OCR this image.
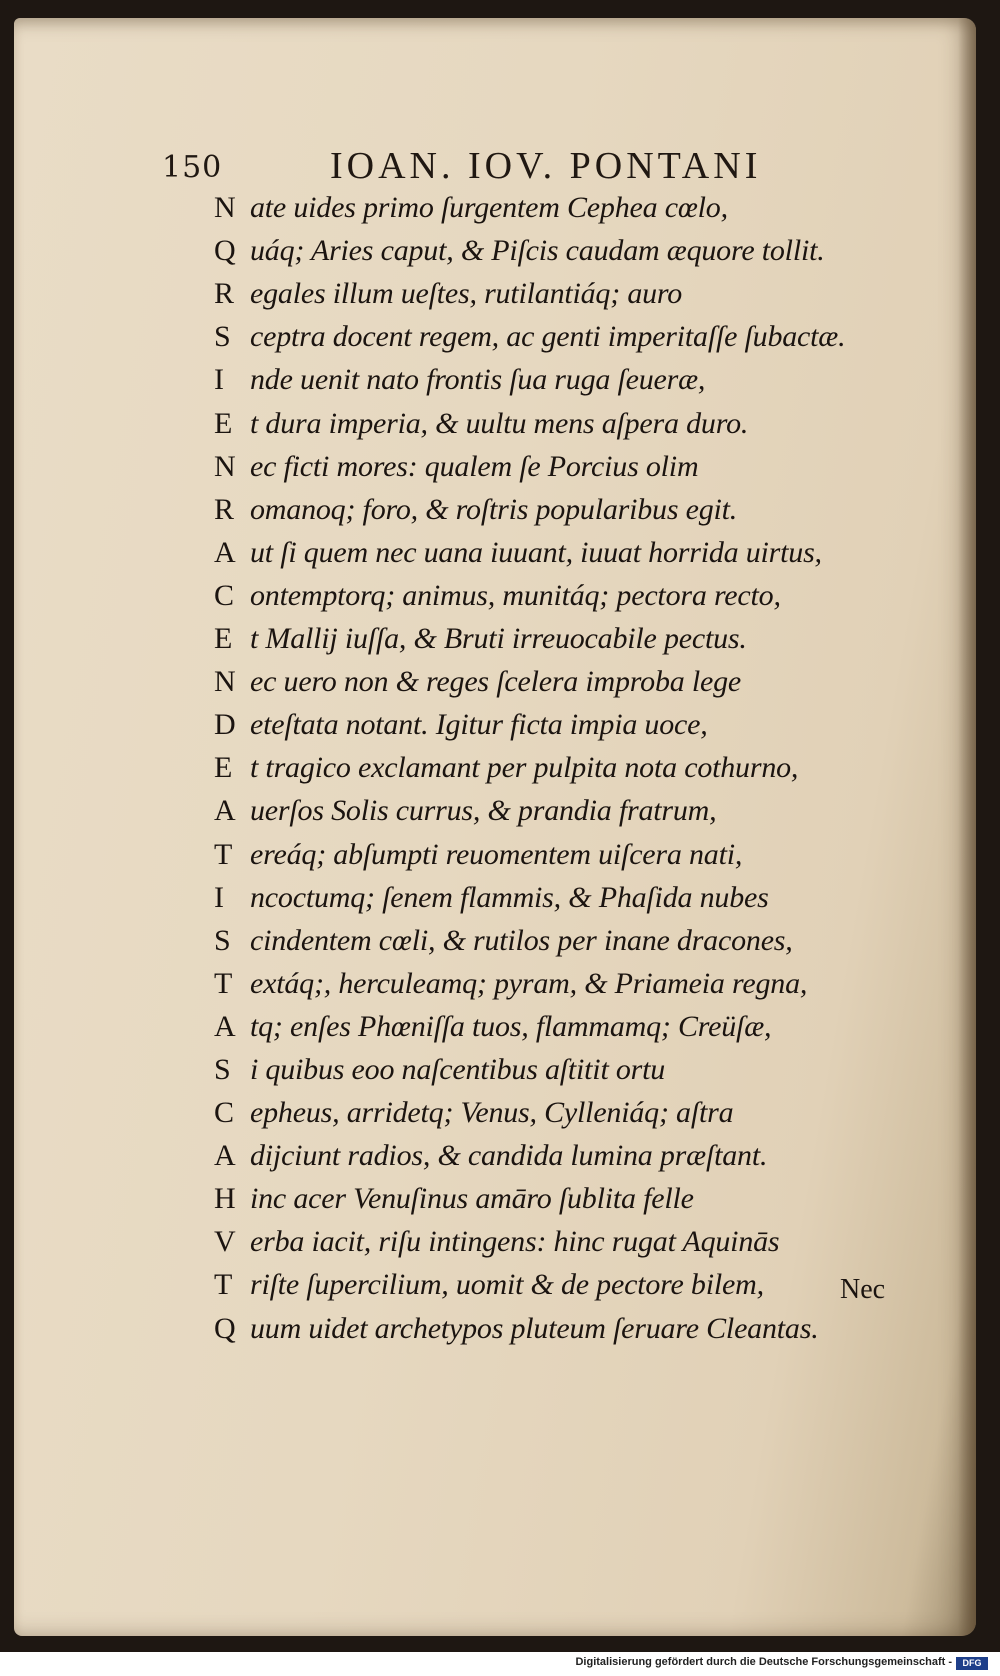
150	IOAN. IOV. PONTANI
N ate uides primo ſurgentem Cephea cœlo,
Q uáq; Aries caput, & Piſcis caudam æquore tollit.
R egales illum ueſtes, rutilantiáq; auro
S ceptra docent regem, ac genti imperitaſſe ſubactæ.
I nde uenit nato frontis ſua ruga ſeueræ,
E t dura imperia, & uultu mens aſpera duro.
N ec ficti mores: qualem ſe Porcius olim
R omanoq; foro, & roſtris popularibus egit.
A ut ſi quem nec uana iuuant, iuuat horrida uirtus,
C ontemptorq; animus, munitáq; pectora recto,
E t Mallij iuſſa, & Bruti irreuocabile pectus.
N ec uero non & reges ſcelera improba lege
D eteſtata notant. Igitur ficta impia uoce,
E t tragico exclamant per pulpita nota cothurno,
A uerſos Solis currus, & prandia fratrum,
T ereáq; abſumpti reuomentem uiſcera nati,
I ncoctumq; ſenem flammis, & Phaſida nubes
S cindentem cœli, & rutilos per inane dracones,
T extáq;, herculeamq; pyram, & Priameia regna,
A tq; enſes Phœniſſa tuos, flammamq; Creüſæ,
S i quibus eoo naſcentibus aſtitit ortu
C epheus, arridetq; Venus, Cylleniáq; aſtra
A dijciunt radios, & candida lumina præſtant.
H inc acer Venuſinus amāro ſublita felle
V erba iacit, riſu intingens: hinc rugat Aquinās
T riſte ſupercilium, uomit & de pectore bilem,
Q uum uidet archetypos pluteum ſeruare Cleantas.
Nec
Digitalisierung gefördert durch die Deutsche Forschungsgemeinschaft -	DFG
